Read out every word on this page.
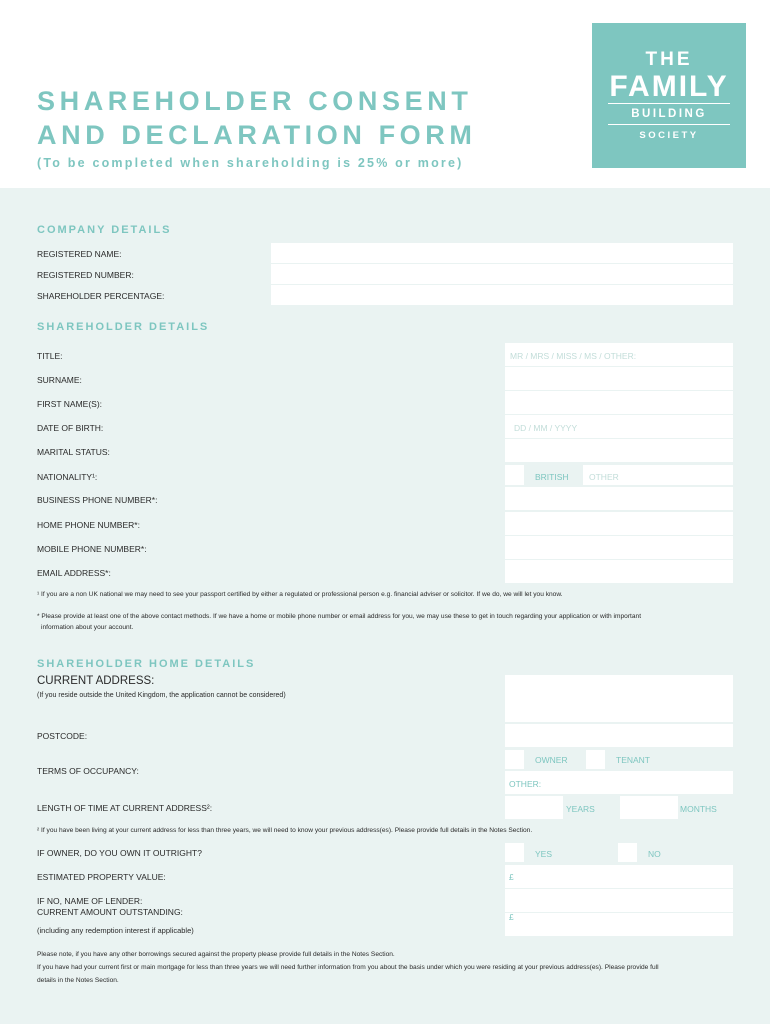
SHAREHOLDER CONSENT
AND DECLARATION FORM
(To be completed when shareholding is 25% or more)
THE
FAMILY
BUILDING
SOCIETY
COMPANY DETAILS
REGISTERED NAME:
REGISTERED NUMBER:
SHAREHOLDER PERCENTAGE:
SHAREHOLDER DETAILS
TITLE:	MR / MRS / MISS / MS / OTHER:
SURNAME:
FIRST NAME(S):
DATE OF BIRTH:	DD / MM / YYYY
MARITAL STATUS:
NATIONALITY¹:	BRITISH OTHER
BUSINESS PHONE NUMBER*:
HOME PHONE NUMBER*:
MOBILE PHONE NUMBER*:
EMAIL ADDRESS*:
¹ If you are a non UK national we may need to see your passport certified by either a regulated or professional person e.g. financial adviser or solicitor. If we do, we will let you know.
* Please provide at least one of the above contact methods. If we have a home or mobile phone number or email address for you, we may use these to get in touch regarding your application or with important
information about your account.
SHAREHOLDER HOME DETAILS
CURRENT ADDRESS:
(If you reside outside the United Kingdom, the application cannot be considered)
POSTCODE:
TERMS OF OCCUPANCY:
OWNER	TENANT
OTHER:
LENGTH OF TIME AT CURRENT ADDRESS²:	YEARS	MONTHS
² If you have been living at your current address for less than three years, we will need to know your previous address(es). Please provide full details in the Notes Section.
IF OWNER, DO YOU OWN IT OUTRIGHT?	YES	NO
ESTIMATED PROPERTY VALUE:	£
IF NO, NAME OF LENDER:
CURRENT AMOUNT OUTSTANDING:	£
(including any redemption interest if applicable)
Please note, if you have any other borrowings secured against the property please provide full details in the Notes Section.
If you have had your current first or main mortgage for less than three years we will need further information from you about the basis under which you were residing at your previous address(es). Please provide full
details in the Notes Section.
